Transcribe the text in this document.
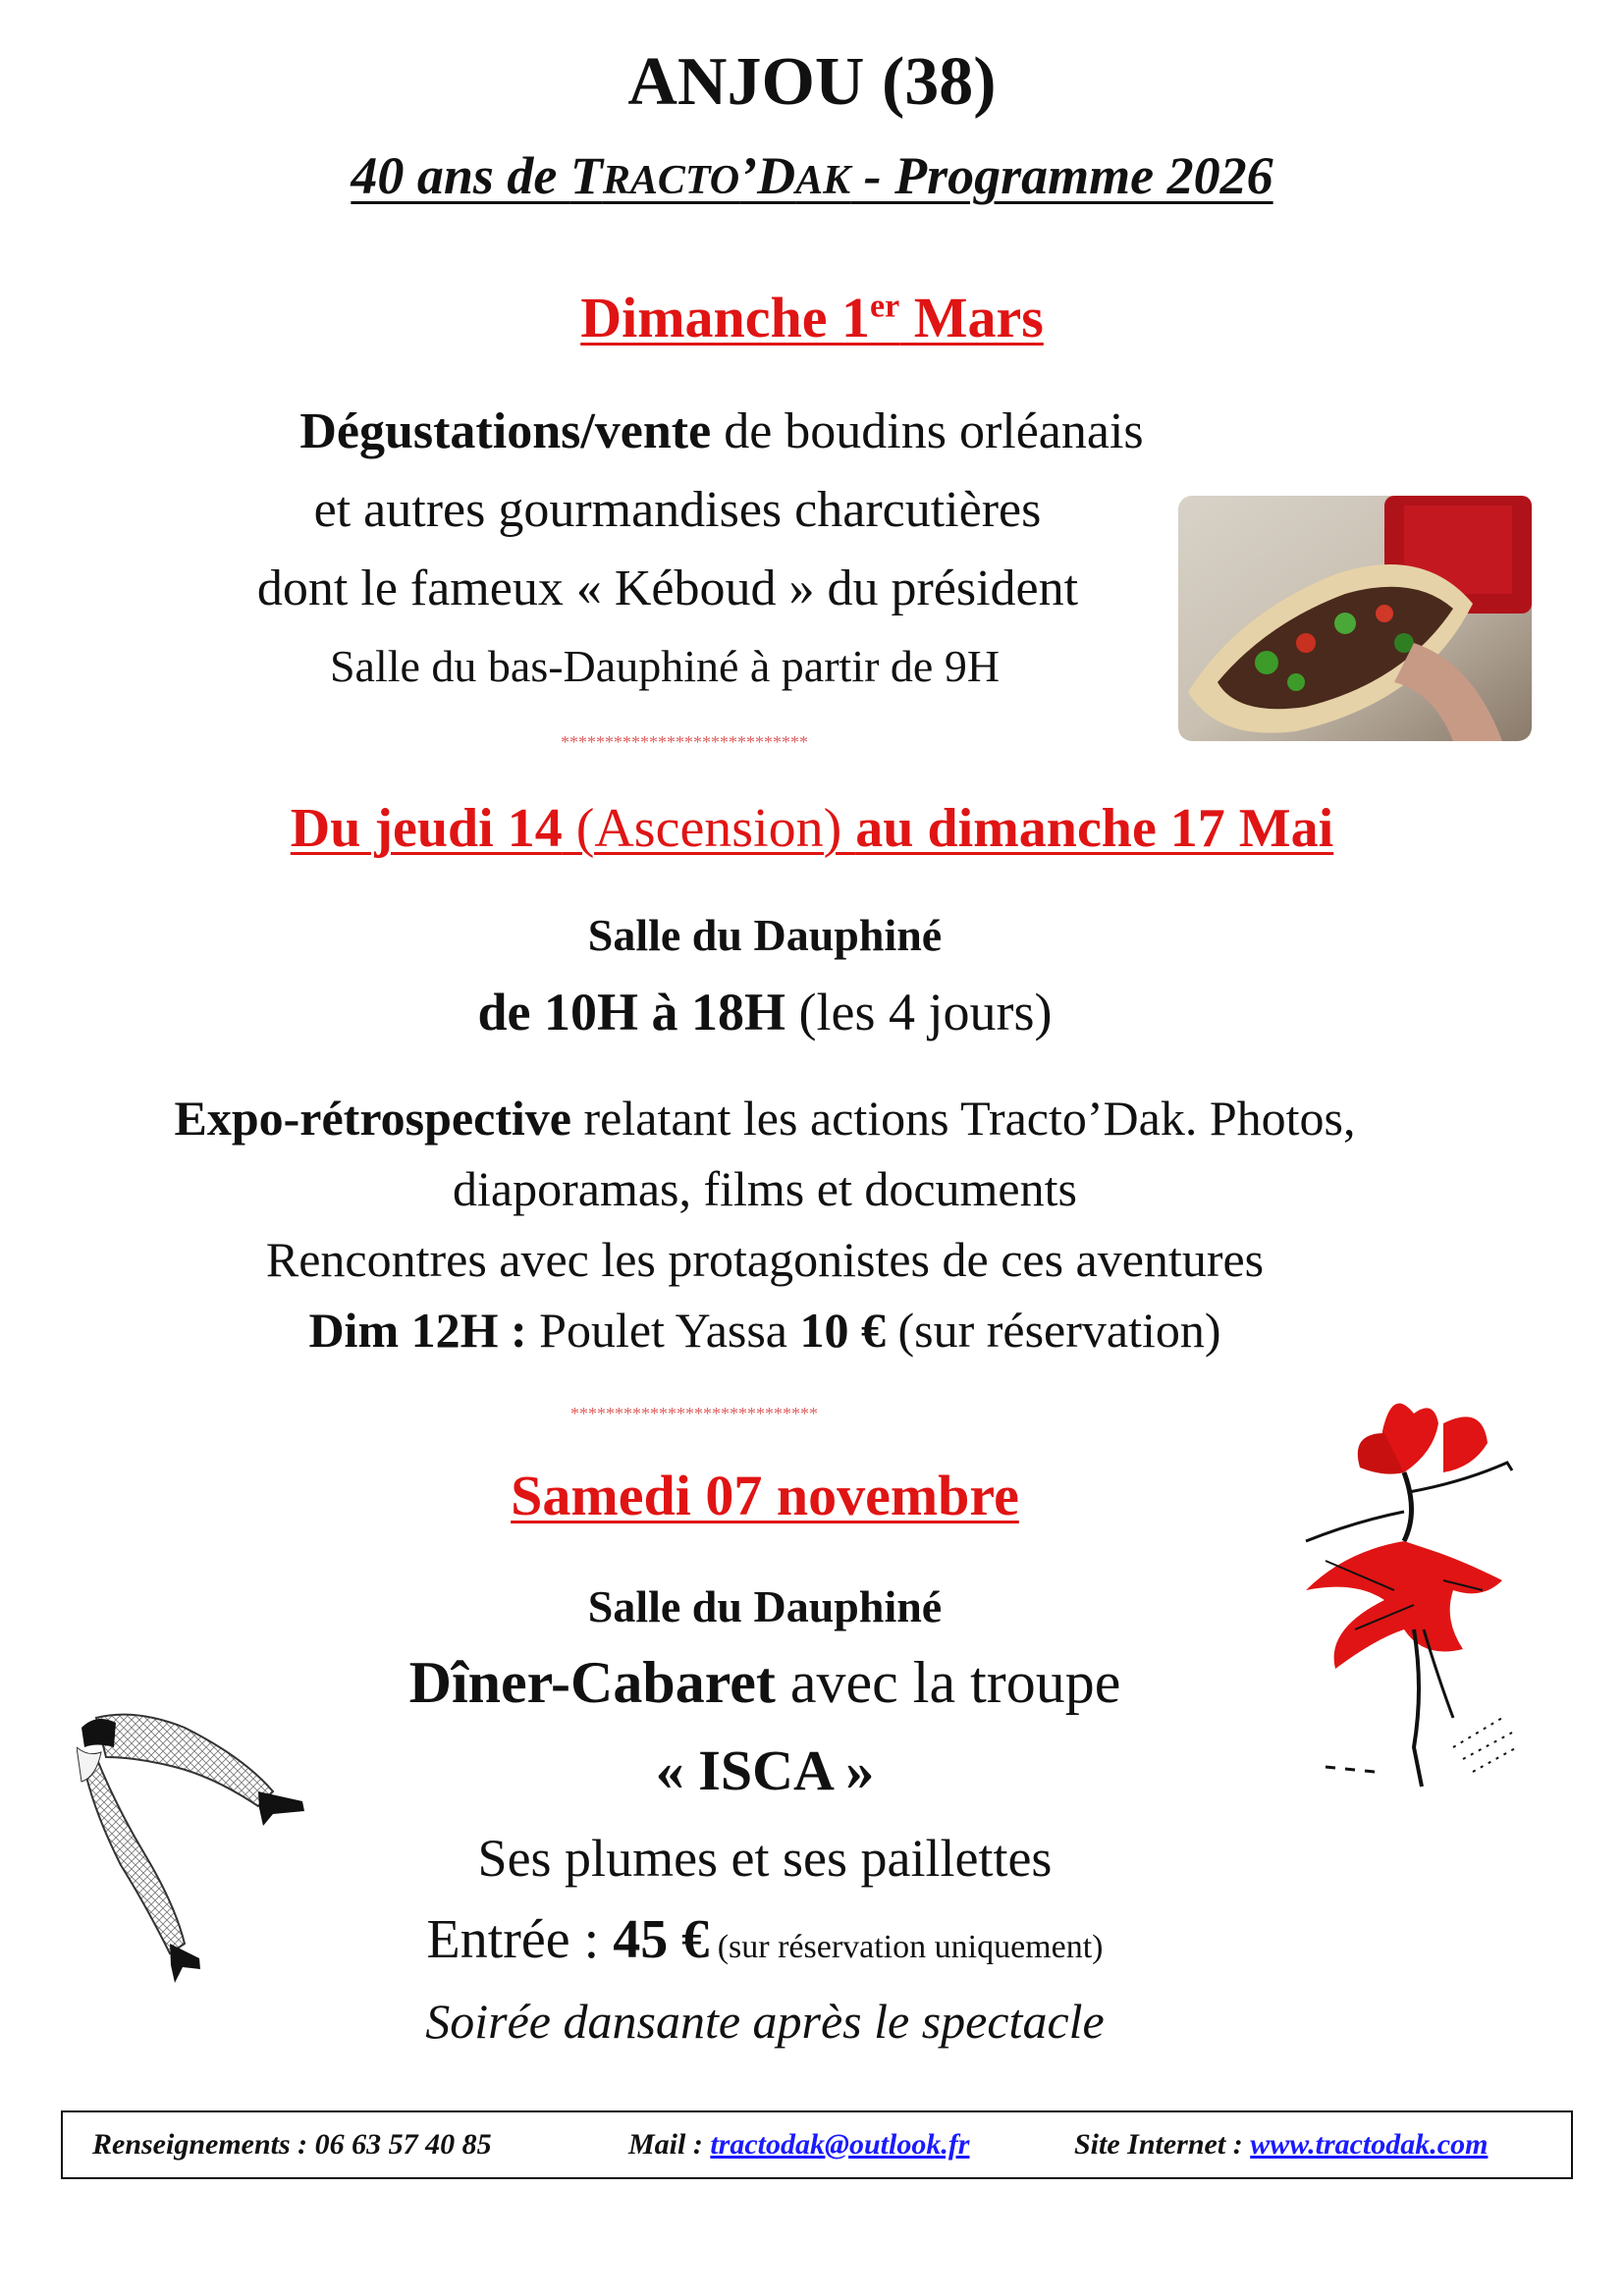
ANJOU (38)
40 ans de TRACTO’DAK - Programme 2026
Dimanche 1er Mars
Dégustations/vente de boudins orléanais
et autres gourmandises charcutières
dont le fameux « Kéboud » du président
Salle du bas-Dauphiné à partir de 9H
****************************
Du jeudi 14 (Ascension) au dimanche 17 Mai
Salle du Dauphiné
de 10H à 18H (les 4 jours)
Expo-rétrospective relatant les actions Tracto’Dak. Photos,
diaporamas, films et documents
Rencontres avec les protagonistes de ces aventures
Dim 12H : Poulet Yassa 10 € (sur réservation)
****************************
Samedi 07 novembre
Salle du Dauphiné
Dîner-Cabaret avec la troupe
« ISCA »
Ses plumes et ses paillettes
Entrée : 45 € (sur réservation uniquement)
Soirée dansante après le spectacle
Renseignements : 06 63 57 40 85	Mail : tractodak@outlook.fr	Site Internet : www.tractodak.com
